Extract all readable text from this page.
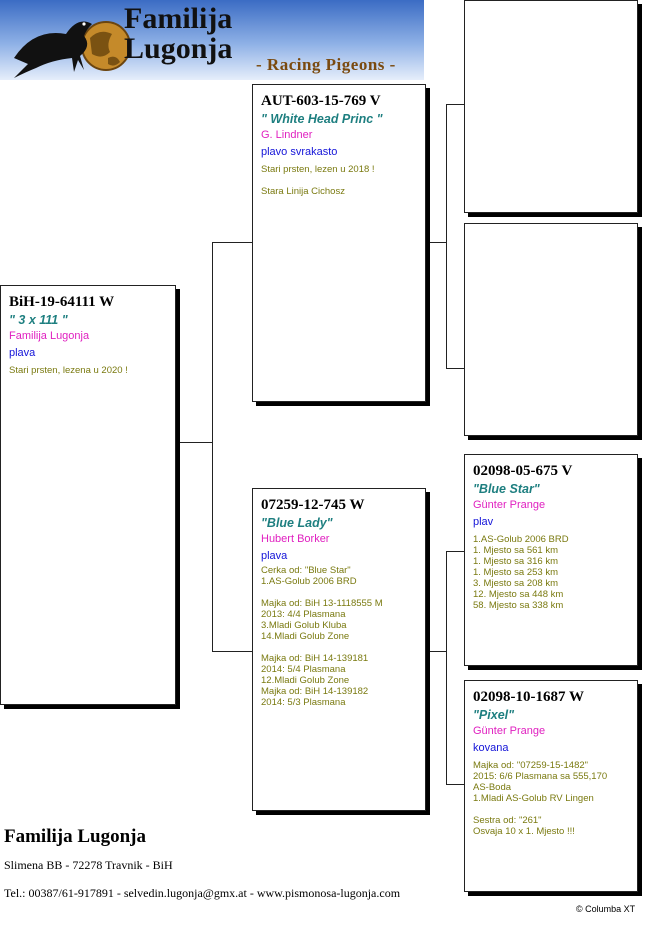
Familija
Lugonja - Racing Pigeons -
BiH-19-64111 W
" 3 x 111 "
Familija Lugonja
plava
Stari prsten, lezena u 2020 !
AUT-603-15-769 V
" White Head Princ "
G. Lindner
plavo svrakasto
Stari prsten, lezen u 2018 !
Stara Linija Cichosz
07259-12-745 W
"Blue Lady"
Hubert Borker
plava
Cerka od: "Blue Star"
1.AS-Golub 2006 BRD
Majka od: BiH 13-1118555 M
2013: 4/4 Plasmana
3.Mladi Golub Kluba
14.Mladi Golub Zone
Majka od: BiH 14-139181
2014: 5/4 Plasmana
12.Mladi Golub Zone
Majka od: BiH 14-139182
2014: 5/3 Plasmana
02098-05-675 V
"Blue Star"
Günter Prange
plav
1.AS-Golub 2006 BRD
1. Mjesto sa 561 km
1. Mjesto sa 316 km
1. Mjesto sa 253 km
3. Mjesto sa 208 km
12. Mjesto sa 448 km
58. Mjesto sa 338 km
02098-10-1687 W
"Pixel"
Günter Prange
kovana
Majka od: "07259-15-1482"
2015: 6/6 Plasmana sa 555,170
AS-Boda
1.Mladi AS-Golub RV Lingen
Sestra od: "261"
Osvaja 10 x 1. Mjesto !!!
Familija Lugonja
Slimena BB - 72278 Travnik - BiH
Tel.: 00387/61-917891 - selvedin.lugonja@gmx.at - www.pismonosa-lugonja.com
© Columba XT
